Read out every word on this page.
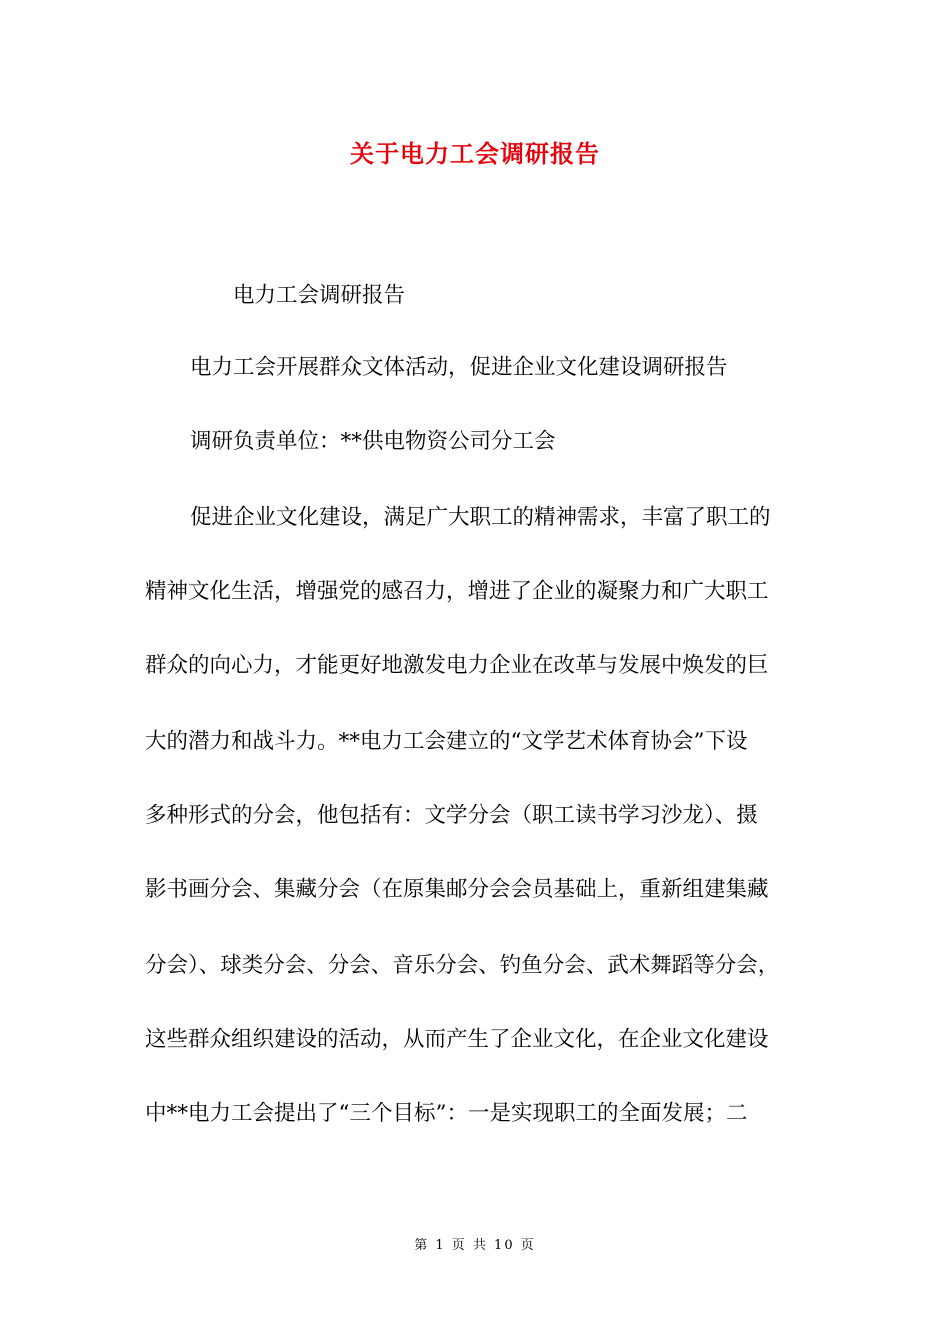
关于电力工会调研报告
电力工会调研报告
电力工会开展群众文体活动，促进企业文化建设调研报告
调研负责单位：**供电物资公司分工会
促进企业文化建设，满足广大职工的精神需求，丰富了职工的
精神文化生活，增强党的感召力，增进了企业的凝聚力和广大职工
群众的向心力，才能更好地激发电力企业在改革与发展中焕发的巨
大的潜力和战斗力。**电力工会建立的“文学艺术体育协会”下设
多种形式的分会，他包括有：文学分会（职工读书学习沙龙）、摄
影书画分会、集藏分会（在原集邮分会会员基础上，重新组建集藏
分会）、球类分会、分会、音乐分会、钓鱼分会、武术舞蹈等分会，
这些群众组织建设的活动，从而产生了企业文化，在企业文化建设
中**电力工会提出了“三个目标”：一是实现职工的全面发展；二
第 1 页 共 10 页
